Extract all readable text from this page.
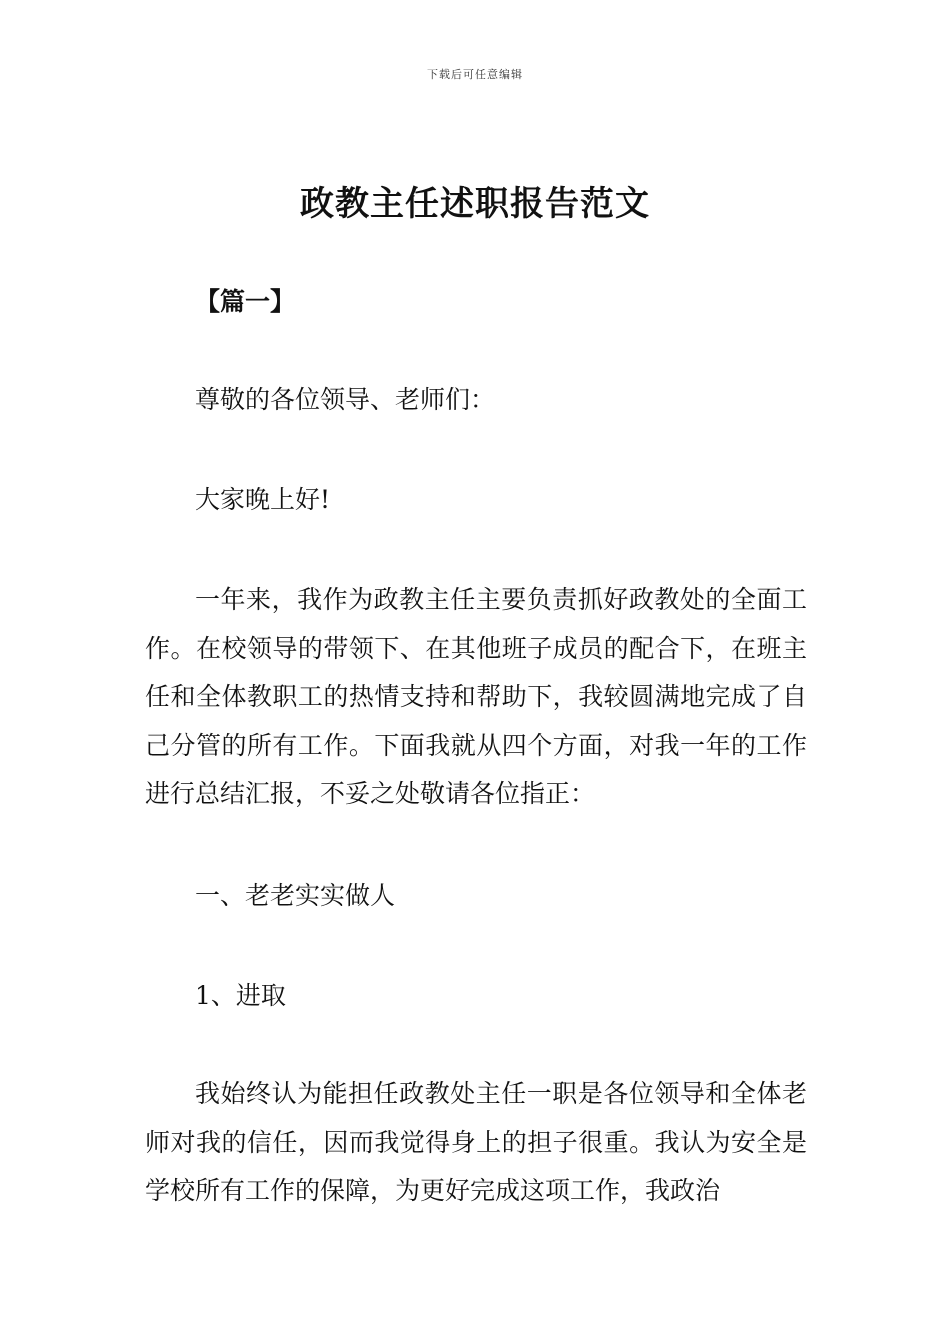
下载后可任意编辑
政教主任述职报告范文

【篇一】

尊敬的各位领导、老师们：

大家晚上好!

一年来，我作为政教主任主要负责抓好政教处的全面工作。在校领导的带领下、在其他班子成员的配合下，在班主任和全体教职工的热情支持和帮助下，我较圆满地完成了自己分管的所有工作。下面我就从四个方面，对我一年的工作进行总结汇报，不妥之处敬请各位指正：

一、老老实实做人

1、进取

我始终认为能担任政教处主任一职是各位领导和全体老师对我的信任，因而我觉得身上的担子很重。我认为安全是学校所有工作的保障，为更好完成这项工作，我政治
